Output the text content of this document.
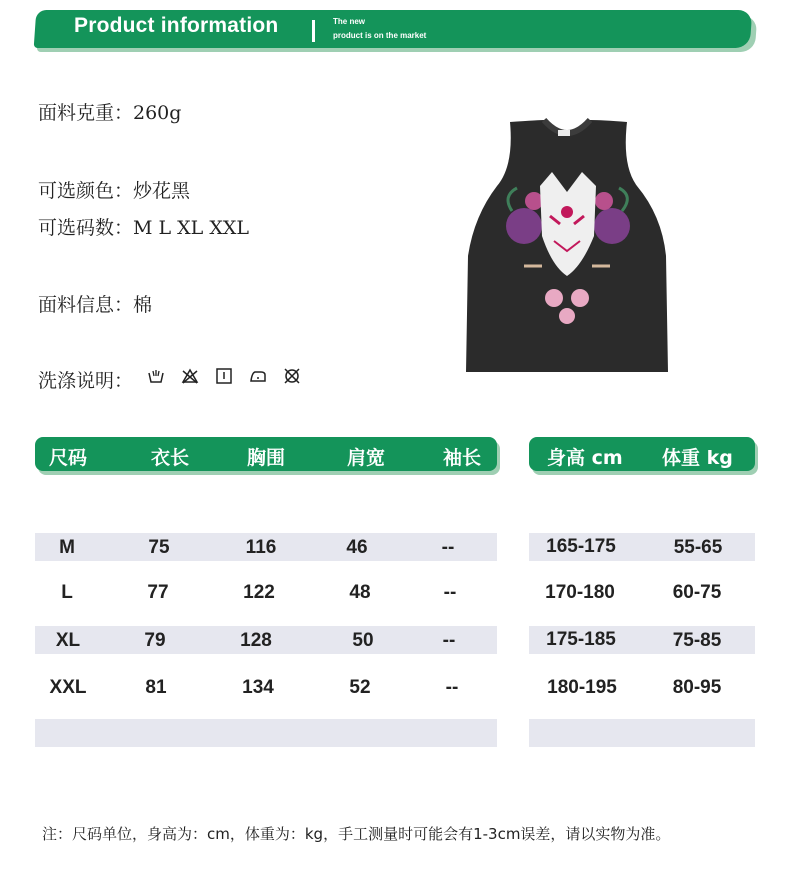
Product information	The new
product is on the market
面料克重：260g
可选颜色：炒花黑
可选码数：M L XL XXL
面料信息：棉
洗涤说明：
尺码	衣长	胸围	肩宽	袖长	身高 cm 体重 kg
M	75	116	46	--
L	77	122	48	--
XL	79	128	50	--
XXL	81	134	52	--
165-175	55-65
170-180	60-75
175-185	75-85
180-195	80-95
注：尺码单位，身高为：cm，体重为：kg，手工测量时可能会有1-3cm误差，请以实物为准。
